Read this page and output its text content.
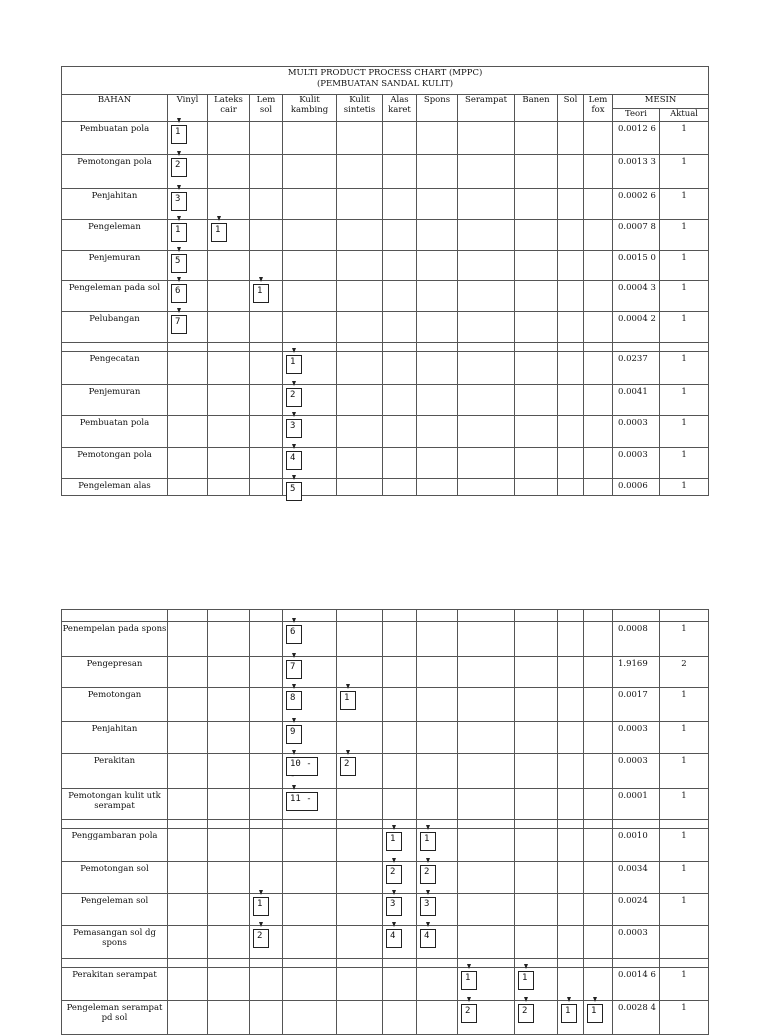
MULTI PRODUCT PROCESS CHART (MPPC)
(PEMBUATAN SANDAL KULIT)													

BAHAN	Vinyl	Lateks cair	Lem sol	Kulit kambing	Kulit sintetis	Alas karet	Spons	Serampat	Banen	Sol	Lem fox	MESIN	
												Teori	Aktual
Pembuatan pola	1											0.0012 6	1
Pemotongan pola	2											0.0013 3	1
Penjahitan	3											0.0002 6	1
Pengeleman	1	1										0.0007 8	1
Penjemuran	5											0.0015 0	1
Pengeleman pada sol	6		1									0.0004 3	1
Pelubangan	7											0.0004 2	1

Pengecatan				1								0.0237	1
Penjemuran				2								0.0041	1
Pembuatan pola				3								0.0003	1
Pemotongan pola				4								0.0003	1
Pengeleman alas				5								0.0006	1

Penempelan pada spons				6								0.0008	1
Pengepresan				7								1.9169	2
Pemotongan				8	1							0.0017	1
Penjahitan				9								0.0003	1
Perakitan				10 --	2							0.0003	1
Pemotongan kulit utk serampat				11 -								0.0001	1

Penggambaran pola						1	1					0.0010	1
Pemotongan sol						2	2					0.0034	1
Pengeleman sol			1			3	3					0.0024	1
Pemasangan sol dg spons			2			4	4					0.0003	

Perakitan serampat								1	1			0.0014 6	1
Pengeleman serampat pd sol								2	2	1	1	0.0028 4	1
